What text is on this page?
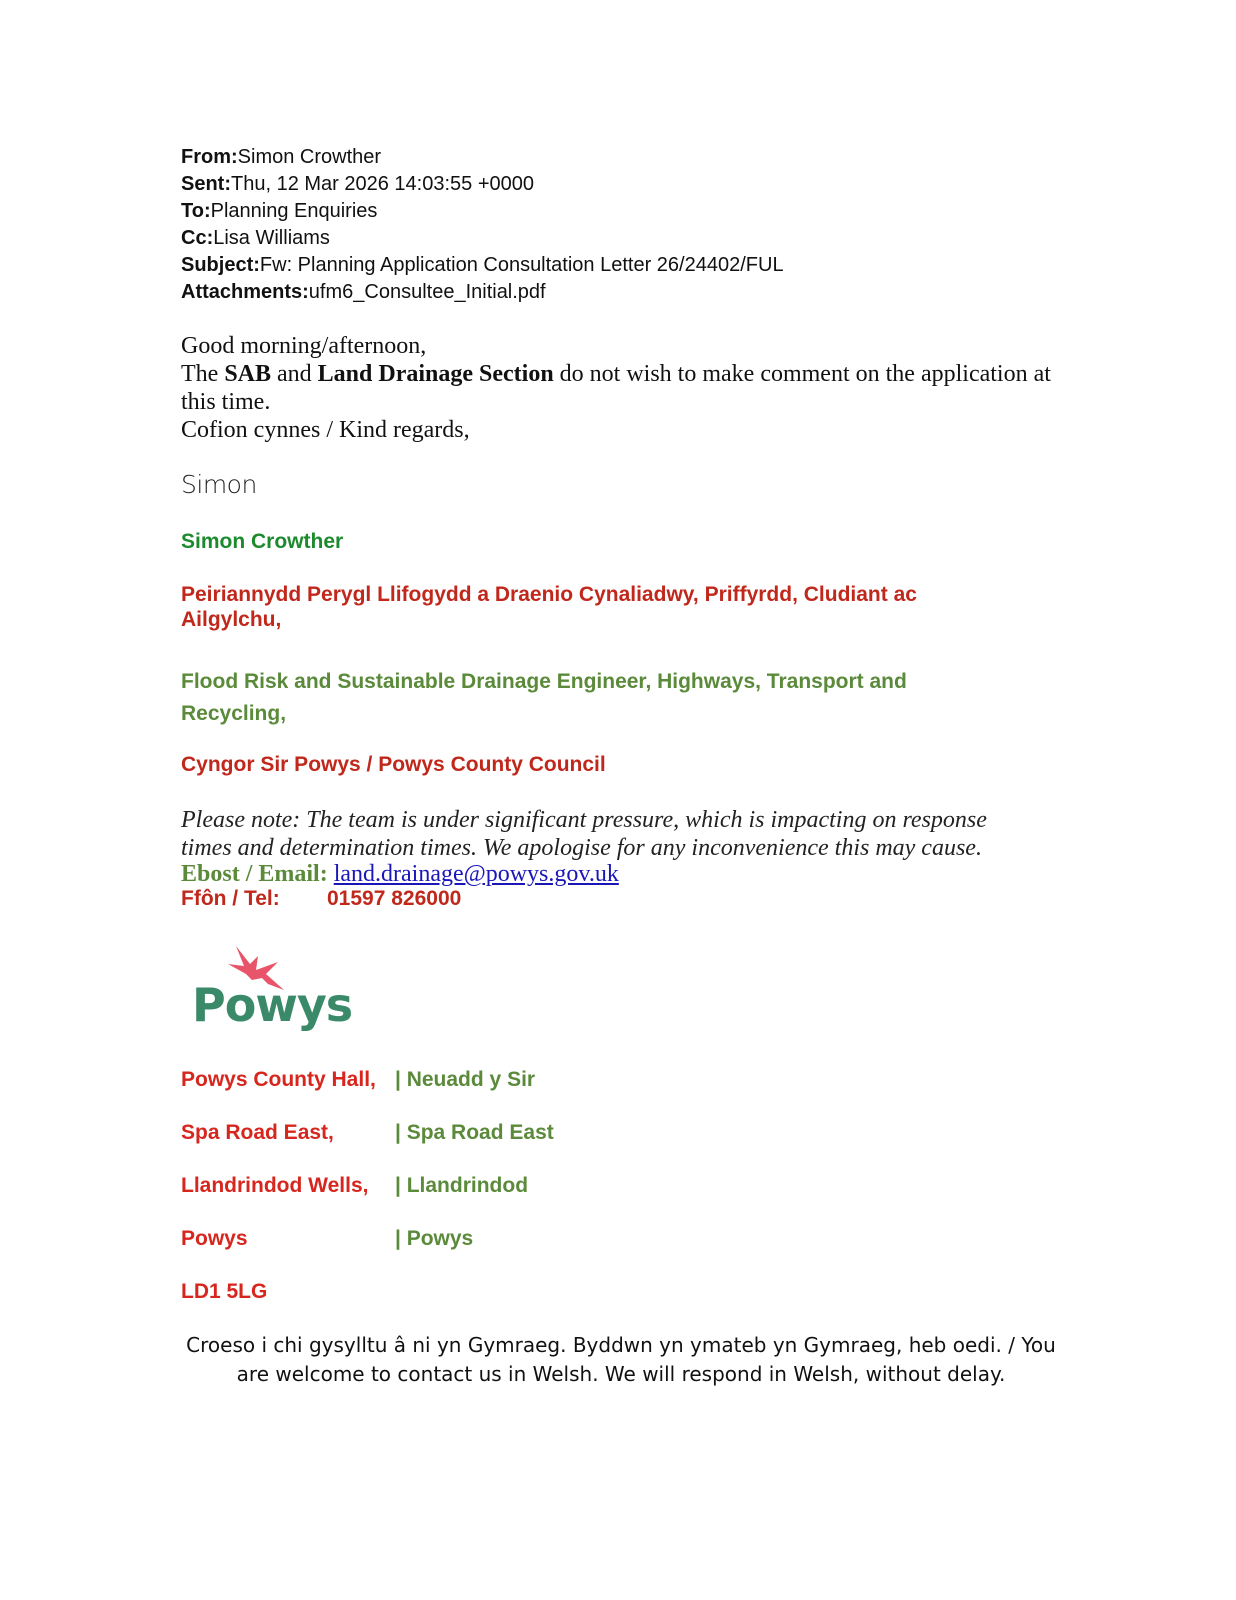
From:Simon Crowther
Sent:Thu, 12 Mar 2026 14:03:55 +0000
To:Planning Enquiries
Cc:Lisa Williams
Subject:Fw: Planning Application Consultation Letter 26/24402/FUL
Attachments:ufm6_Consultee_Initial.pdf
Good morning/afternoon,
The SAB and Land Drainage Section do not wish to make comment on the application at this time.
Cofion cynnes / Kind regards,
Simon
Simon Crowther
Peiriannydd Perygl Llifogydd a Draenio Cynaliadwy, Priffyrdd, Cludiant ac Ailgylchu,
Flood Risk and Sustainable Drainage Engineer, Highways, Transport and Recycling,
Cyngor Sir Powys / Powys County Council
Please note: The team is under significant pressure, which is impacting on response times and determination times. We apologise for any inconvenience this may cause.
Ebost / Email: land.drainage@powys.gov.uk
Ffôn / Tel: 01597 826000
Powys
Powys County Hall, | Neuadd y Sir
Spa Road East,	| Spa Road East
Llandrindod Wells, | Llandrindod
Powys	| Powys
LD1 5LG
Croeso i chi gysylltu â ni yn Gymraeg. Byddwn yn ymateb yn Gymraeg, heb oedi. / You are welcome to contact us in Welsh. We will respond in Welsh, without delay.
